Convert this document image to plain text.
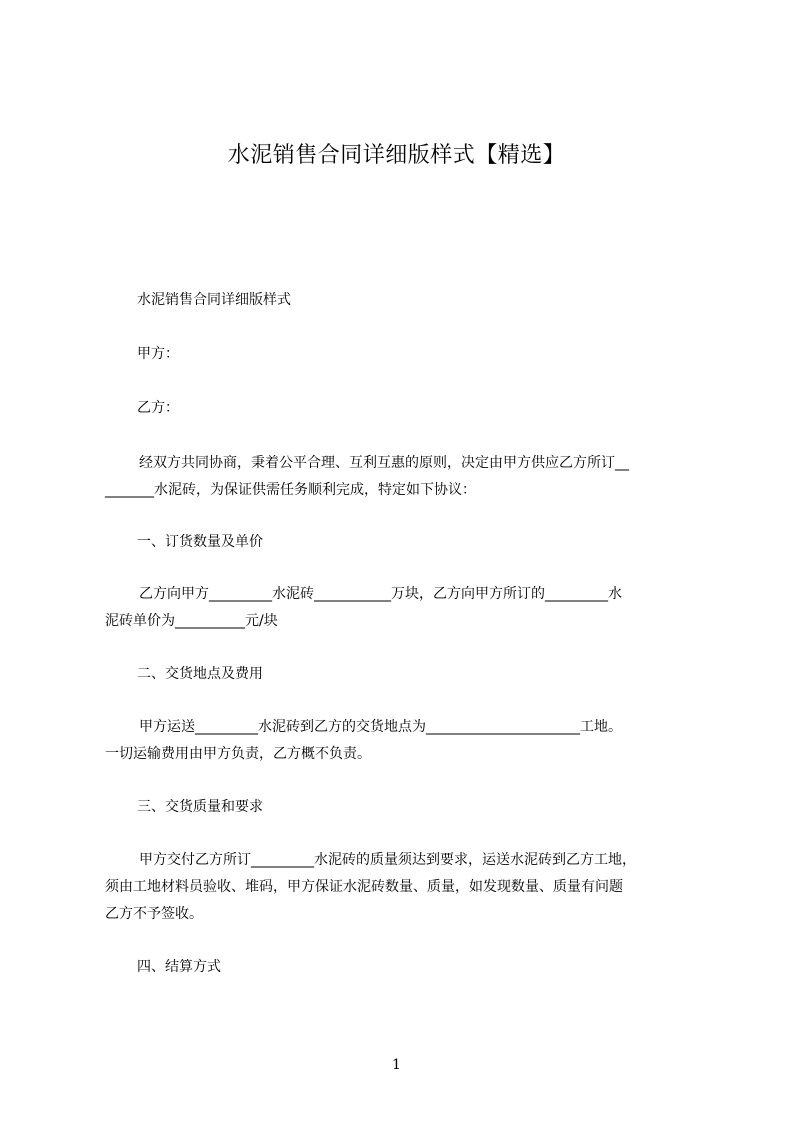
水泥销售合同详细版样式【精选】
水泥销售合同详细版样式
甲方：
乙方：
经双方共同协商，秉着公平合理、互利互惠的原则，决定由甲方供应乙方所订__
_______水泥砖，为保证供需任务顺利完成，特定如下协议：
一、订货数量及单价
乙方向甲方_________水泥砖___________万块，乙方向甲方所订的_________水
泥砖单价为__________元/块
二、交货地点及费用
甲方运送_________水泥砖到乙方的交货地点为______________________工地。
一切运输费用由甲方负责，乙方概不负责。
三、交货质量和要求
甲方交付乙方所订_________水泥砖的质量须达到要求，运送水泥砖到乙方工地，
须由工地材料员验收、堆码，甲方保证水泥砖数量、质量，如发现数量、质量有问题
乙方不予签收。
四、结算方式
1
